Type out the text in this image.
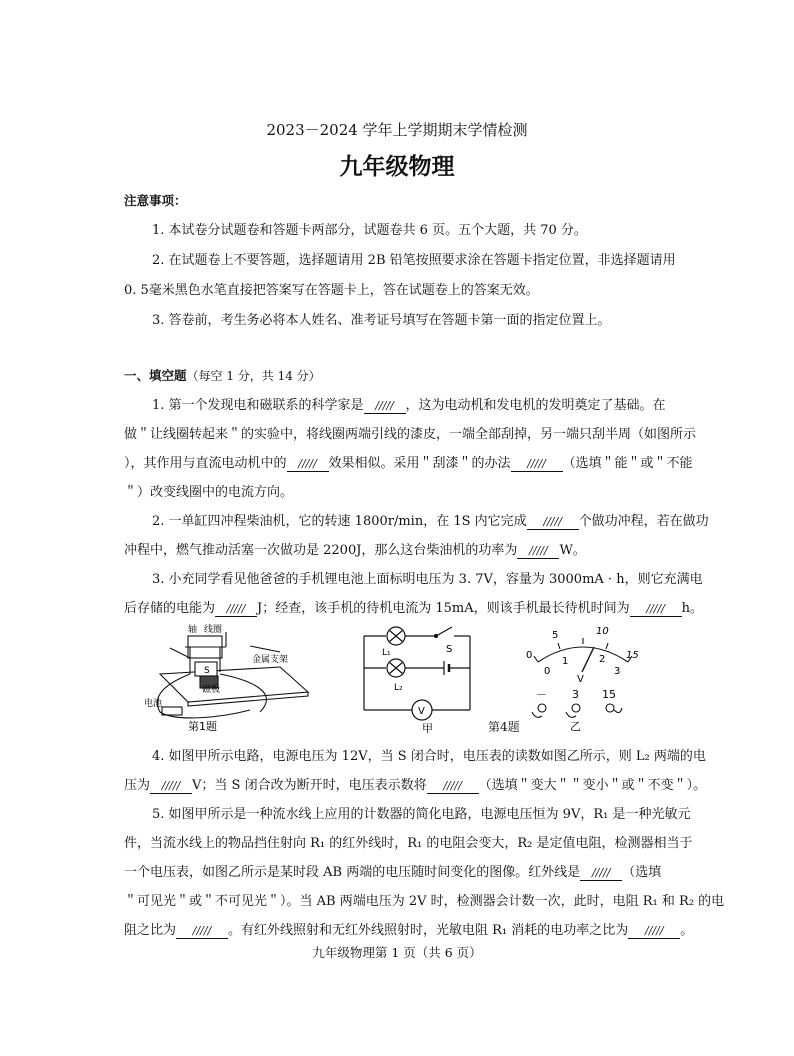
2023－2024 学年上学期期末学情检测
九年级物理
注意事项：
1. 本试卷分试题卷和答题卡两部分，试题卷共 6 页。五个大题，共 70 分。
2. 在试题卷上不要答题，选择题请用 2B 铅笔按照要求涂在答题卡指定位置，非选择题请用
0. 5毫米黑色水笔直接把答案写在答题卡上，答在试题卷上的答案无效。
3. 答卷前，考生务必将本人姓名、准考证号填写在答题卡第一面的指定位置上。
一、填空题（每空 1 分，共 14 分）
1. 第一个发现电和磁联系的科学家是 ///// ，这为电动机和发电机的发明奠定了基础。在
做＂让线圈转起来＂的实验中，将线圈两端引线的漆皮，一端全部刮掉，另一端只刮半周（如图所示
），其作用与直流电动机中的 ///// 效果相似。采用＂刮漆＂的办法 ///// （选填＂能＂或＂不能
＂）改变线圈中的电流方向。
2. 一单缸四冲程柴油机，它的转速 1800r/min，在 1S 内它完成 ///// 个做功冲程，若在做功
冲程中，燃气推动活塞一次做功是 2200J，那么这台柴油机的功率为 ///// W。
3. 小充同学看见他爸爸的手机锂电池上面标明电压为 3. 7V，容量为 3000mA · h，则它充满电
后存储的电能为 ///// J；经查，该手机的待机电流为 15mA，则该手机最长待机时间为 ///// h。
轴 线圈
S
金属支架
磁极
电池
第1题
L₁	S
L₂
V
甲	第4题
0
5	10
15
0
1	2
3
V
－ 3 15
乙
4. 如图甲所示电路，电源电压为 12V，当 S 闭合时，电压表的读数如图乙所示，则 L₂ 两端的电
压为 ///// V；当 S 闭合改为断开时，电压表示数将 ///// （选填＂变大＂＂变小＂或＂不变＂）。
5. 如图甲所示是一种流水线上应用的计数器的简化电路，电源电压恒为 9V，R₁ 是一种光敏元
件，当流水线上的物品挡住射向 R₁ 的红外线时，R₁ 的电阻会变大，R₂ 是定值电阻，检测器相当于
一个电压表，如图乙所示是某时段 AB 两端的电压随时间变化的图像。红外线是 ///// （选填
＂可见光＂或＂不可见光＂）。当 AB 两端电压为 2V 时，检测器会计数一次，此时，电阻 R₁ 和 R₂ 的电
阻之比为 ///// 。有红外线照射和无红外线照射时，光敏电阻 R₁ 消耗的电功率之比为 ///// 。
九年级物理第 1 页（共 6 页）
